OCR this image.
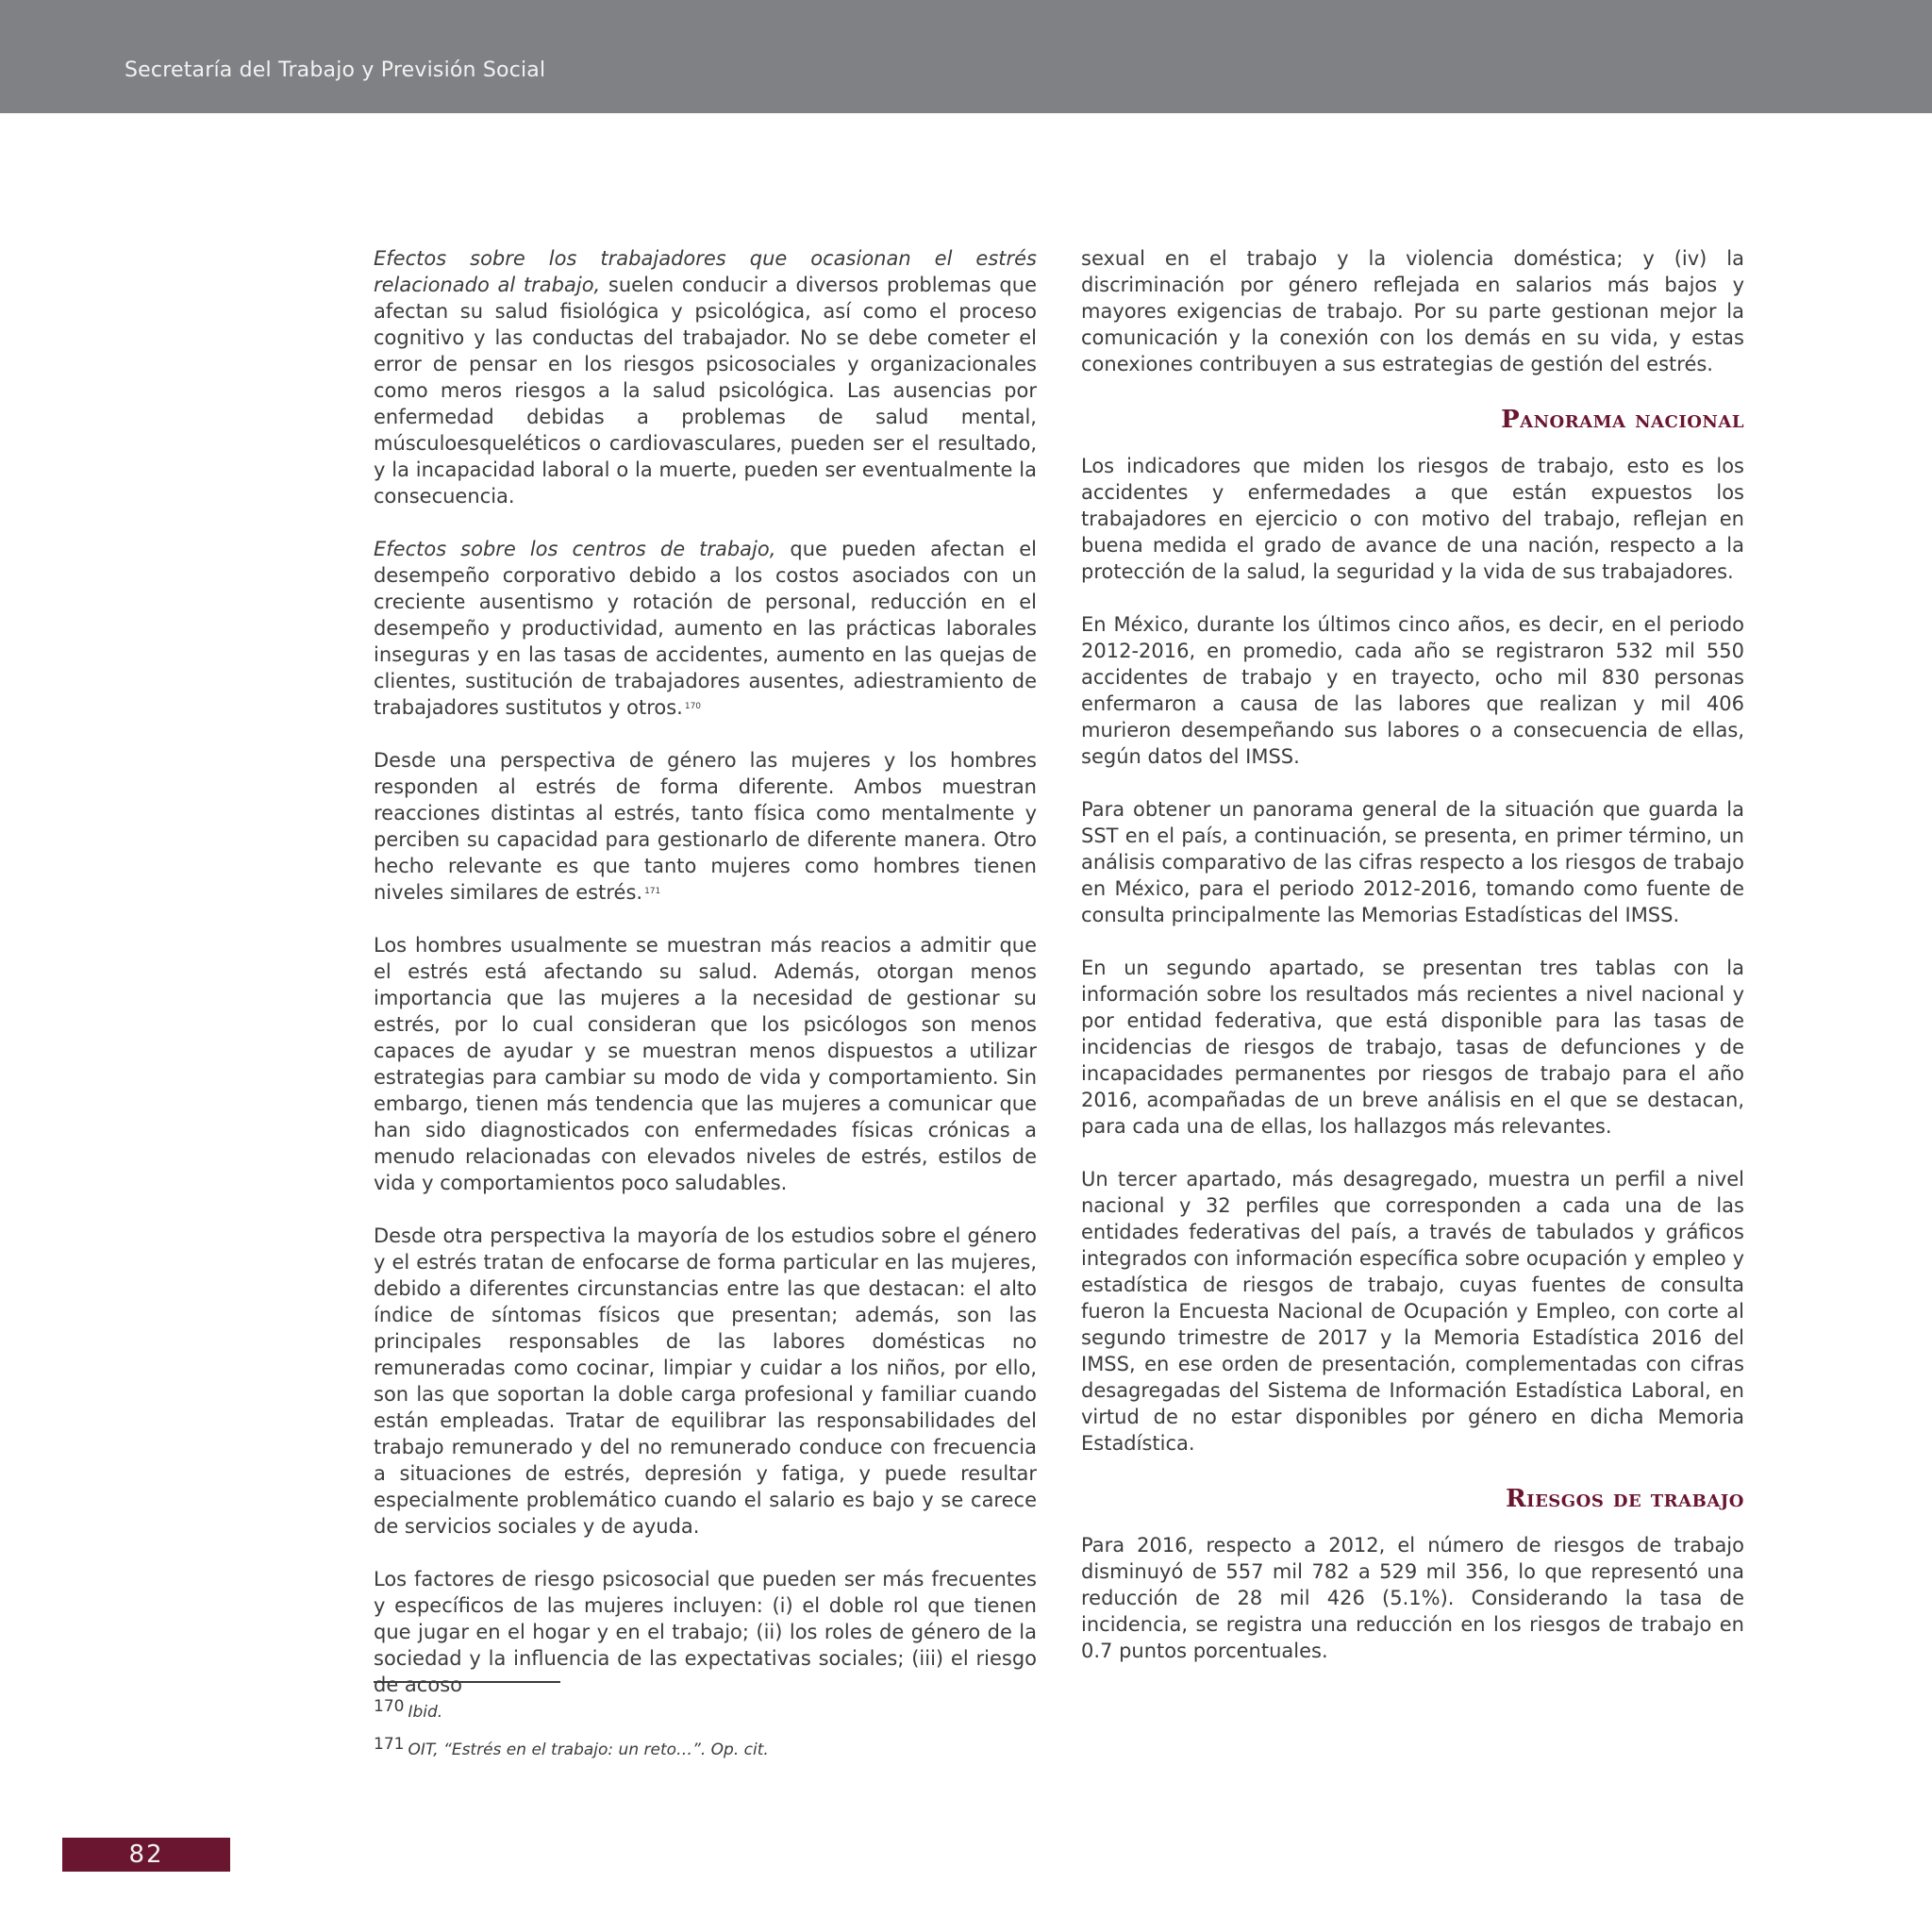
Secretaría del Trabajo y Previsión Social

Efectos sobre los trabajadores que ocasionan el estrés relacionado al trabajo, suelen conducir a diversos problemas que afectan su salud fisiológica y psicológica, así como el proceso cognitivo y las conductas del trabajador. No se debe cometer el error de pensar en los riesgos psicosociales y organizacionales como meros riesgos a la salud psicológica. Las ausencias por enfermedad debidas a problemas de salud mental, músculoesqueléticos o cardiovasculares, pueden ser el resultado, y la incapacidad laboral o la muerte, pueden ser eventualmente la consecuencia.

Efectos sobre los centros de trabajo, que pueden afectan el desempeño corporativo debido a los costos asociados con un creciente ausentismo y rotación de personal, reducción en el desempeño y productividad, aumento en las prácticas laborales inseguras y en las tasas de accidentes, aumento en las quejas de clientes, sustitución de trabajadores ausentes, adiestramiento de trabajadores sustitutos y otros. $^{170}$

Desde una perspectiva de género las mujeres y los hombres responden al estrés de forma diferente. Ambos muestran reacciones distintas al estrés, tanto física como mentalmente y perciben su capacidad para gestionarlo de diferente manera. Otro hecho relevante es que tanto mujeres como hombres tienen niveles similares de estrés. $^{171}$

Los hombres usualmente se muestran más reacios a admitir que el estrés está afectando su salud. Además, otorgan menos importancia que las mujeres a la necesidad de gestionar su estrés, por lo cual consideran que los psicólogos son menos capaces de ayudar y se muestran menos dispuestos a utilizar estrategias para cambiar su modo de vida y comportamiento. Sin embargo, tienen más tendencia que las mujeres a comunicar que han sido diagnosticados con enfermedades físicas crónicas a menudo relacionadas con elevados niveles de estrés, estilos de vida y comportamientos poco saludables.

Desde otra perspectiva la mayoría de los estudios sobre el género y el estrés tratan de enfocarse de forma particular en las mujeres, debido a diferentes circunstancias entre las que destacan: el alto índice de síntomas físicos que presentan; además, son las principales responsables de las labores domésticas no remuneradas como cocinar, limpiar y cuidar a los niños, por ello, son las que soportan la doble carga profesional y familiar cuando están empleadas. Tratar de equilibrar las responsabilidades del trabajo remunerado y del no remunerado conduce con frecuencia a situaciones de estrés, depresión y fatiga, y puede resultar especialmente problemático cuando el salario es bajo y se carece de servicios sociales y de ayuda.

Los factores de riesgo psicosocial que pueden ser más frecuentes y específicos de las mujeres incluyen: (i) el doble rol que tienen que jugar en el hogar y en el trabajo; (ii) los roles de género de la sociedad y la influencia de las expectativas sociales; (iii) el riesgo de acoso

sexual en el trabajo y la violencia doméstica; y (iv) la discriminación por género reflejada en salarios más bajos y mayores exigencias de trabajo. Por su parte gestionan mejor la comunicación y la conexión con los demás en su vida, y estas conexiones contribuyen a sus estrategias de gestión del estrés.

Panorama nacional

Los indicadores que miden los riesgos de trabajo, esto es los accidentes y enfermedades a que están expuestos los trabajadores en ejercicio o con motivo del trabajo, reflejan en buena medida el grado de avance de una nación, respecto a la protección de la salud, la seguridad y la vida de sus trabajadores.

En México, durante los últimos cinco años, es decir, en el periodo 2012-2016, en promedio, cada año se registraron 532 mil 550 accidentes de trabajo y en trayecto, ocho mil 830 personas enfermaron a causa de las labores que realizan y mil 406 murieron desempeñando sus labores o a consecuencia de ellas, según datos del IMSS.

Para obtener un panorama general de la situación que guarda la SST en el país, a continuación, se presenta, en primer término, un análisis comparativo de las cifras respecto a los riesgos de trabajo en México, para el periodo 2012-2016, tomando como fuente de consulta principalmente las Memorias Estadísticas del IMSS.

En un segundo apartado, se presentan tres tablas con la información sobre los resultados más recientes a nivel nacional y por entidad federativa, que está disponible para las tasas de incidencias de riesgos de trabajo, tasas de defunciones y de incapacidades permanentes por riesgos de trabajo para el año 2016, acompañadas de un breve análisis en el que se destacan, para cada una de ellas, los hallazgos más relevantes.

Un tercer apartado, más desagregado, muestra un perfil a nivel nacional y 32 perfiles que corresponden a cada una de las entidades federativas del país, a través de tabulados y gráficos integrados con información específica sobre ocupación y empleo y estadística de riesgos de trabajo, cuyas fuentes de consulta fueron la Encuesta Nacional de Ocupación y Empleo, con corte al segundo trimestre de 2017 y la Memoria Estadística 2016 del IMSS, en ese orden de presentación, complementadas con cifras desagregadas del Sistema de Información Estadística Laboral, en virtud de no estar disponibles por género en dicha Memoria Estadística.

Riesgos de trabajo

Para 2016, respecto a 2012, el número de riesgos de trabajo disminuyó de 557 mil 782 a 529 mil 356, lo que representó una reducción de 28 mil 426 (5.1%). Considerando la tasa de incidencia, se registra una reducción en los riesgos de trabajo en 0.7 puntos porcentuales.

170 Ibid.
171 OIT, “Estrés en el trabajo: un reto…”. Op. cit.
82
